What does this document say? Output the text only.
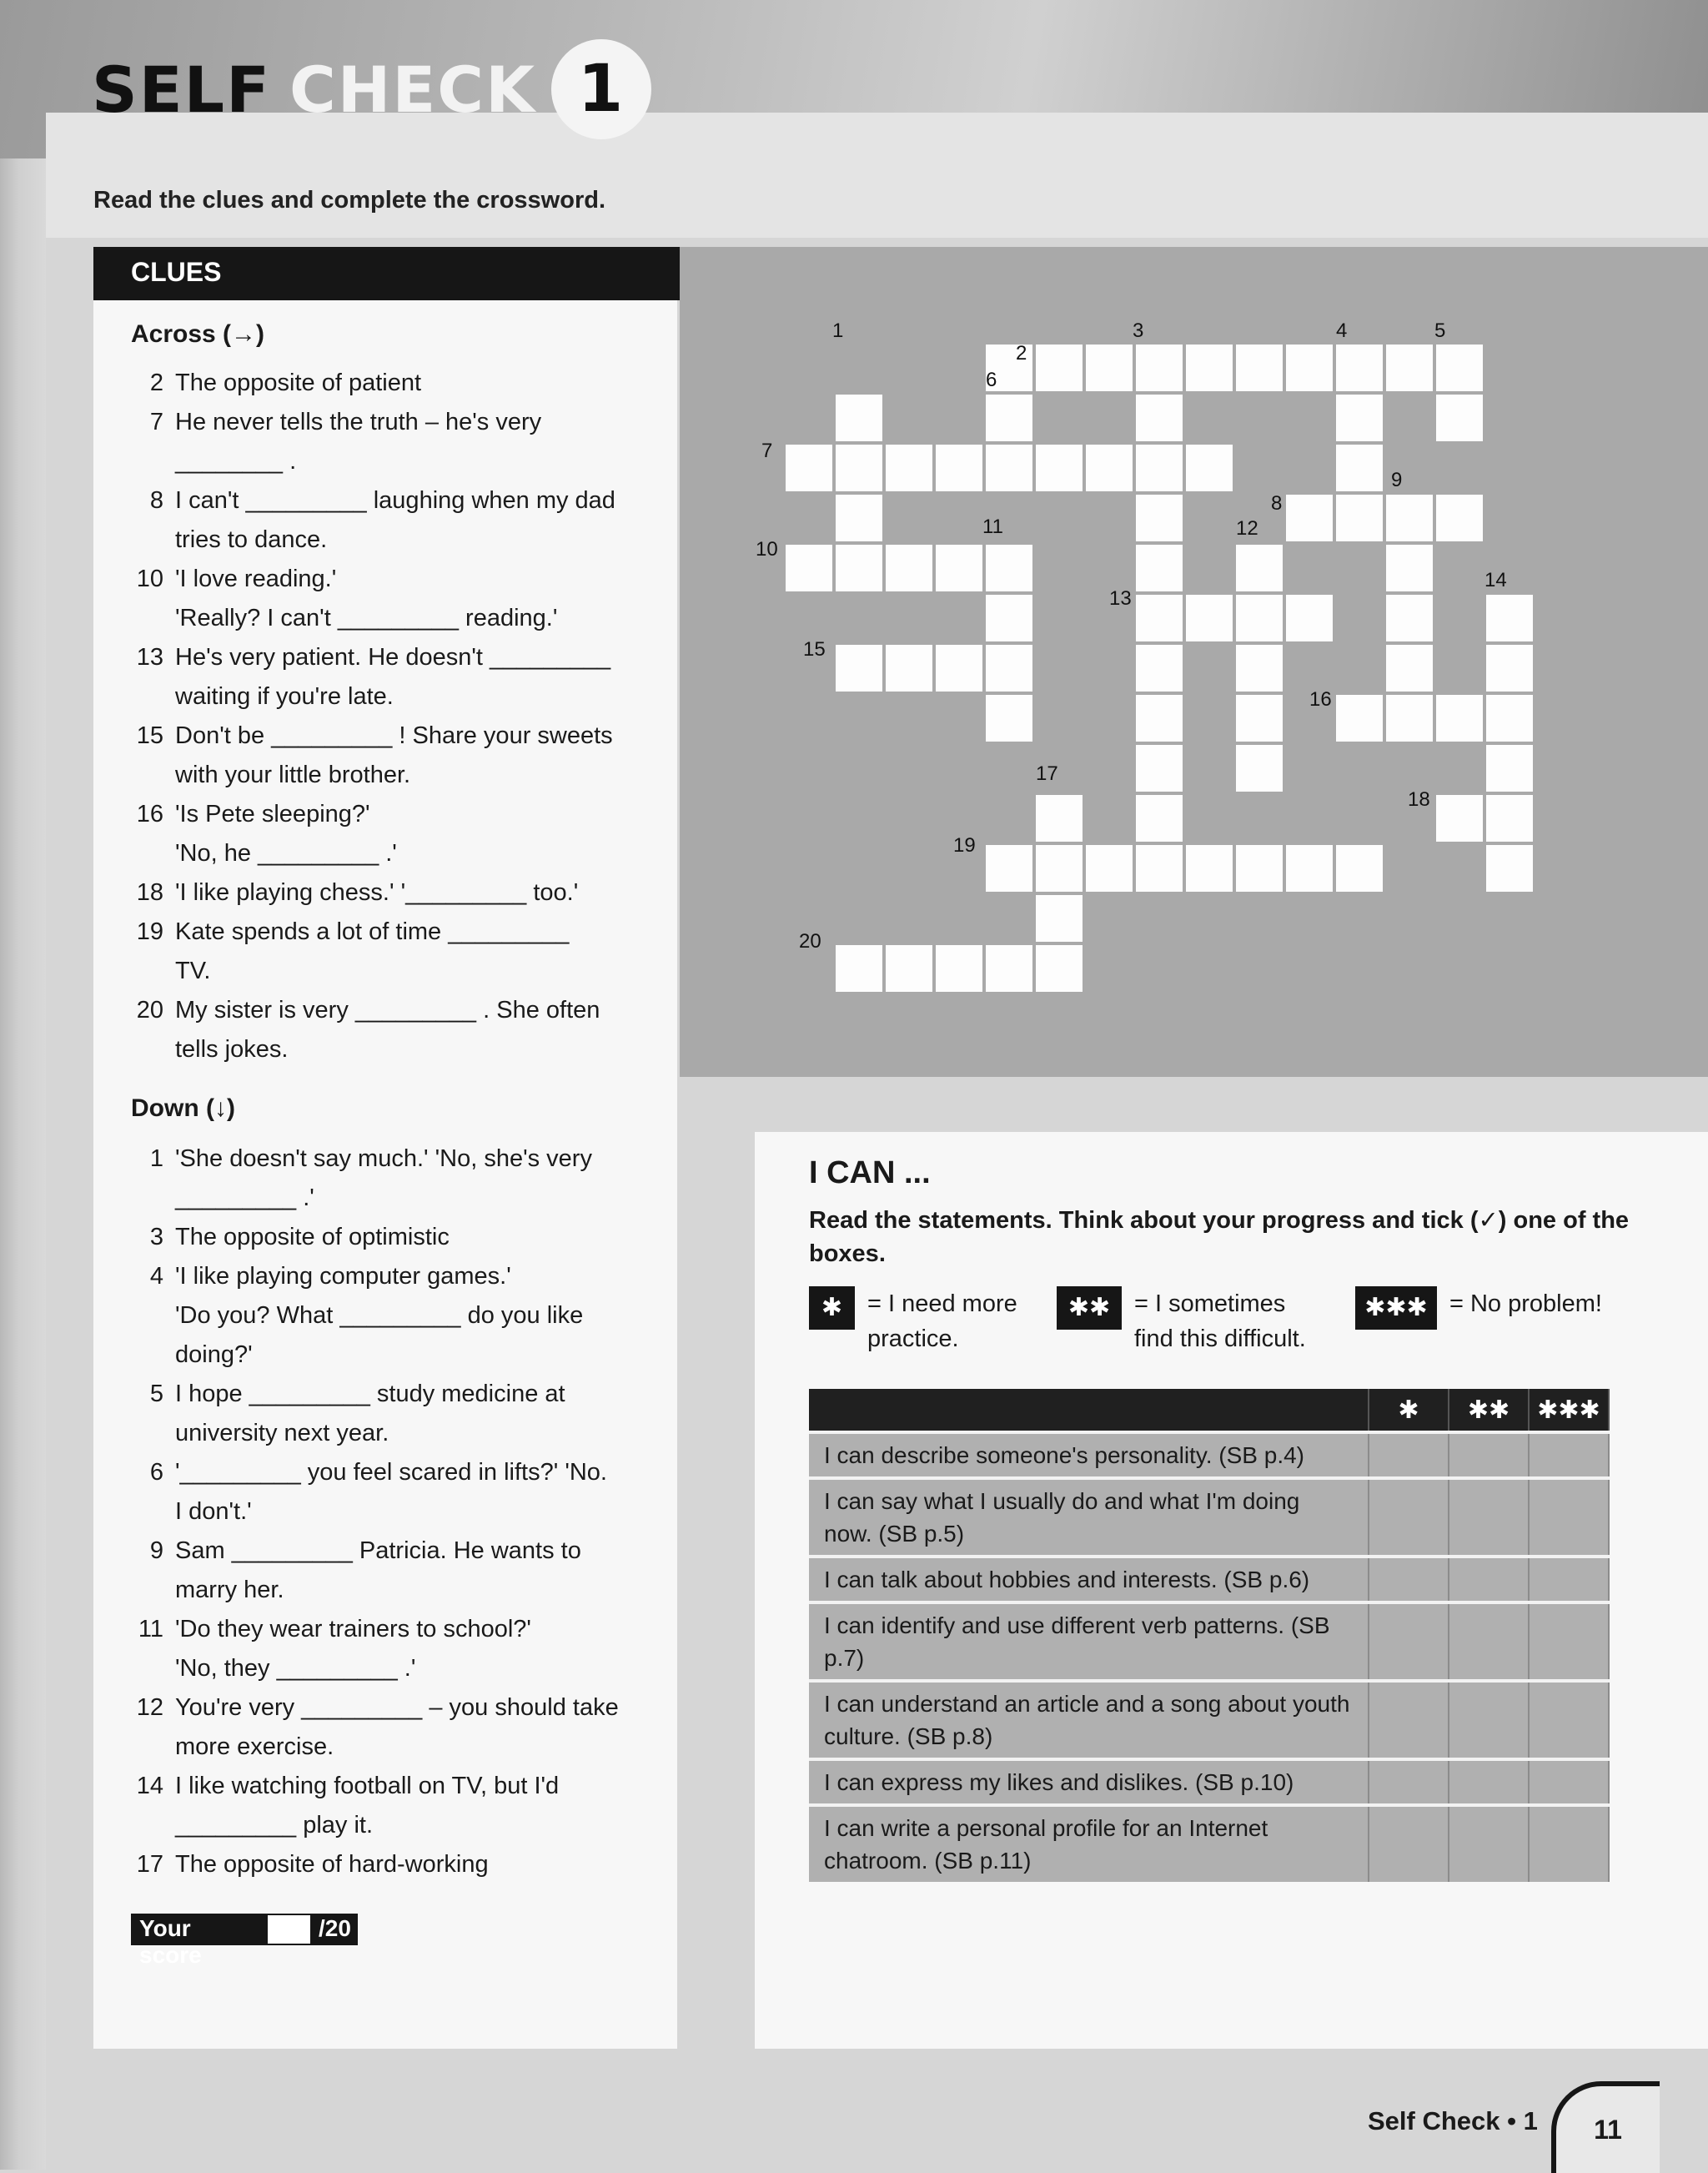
SELF CHECK 1
Read the clues and complete the crossword.
CLUES
Across (→)
2 The opposite of patient
7 He never tells the truth – he's very
________ .
8 I can't _________ laughing when my dad
tries to dance.
10 'I love reading.'
'Really? I can't _________ reading.'
13 He's very patient. He doesn't _________
waiting if you're late.
15 Don't be _________ ! Share your sweets
with your little brother.
16 'Is Pete sleeping?'
'No, he _________ .'
18 'I like playing chess.' '_________ too.'
19 Kate spends a lot of time _________
TV.
20 My sister is very _________ . She often
tells jokes.
Down (↓)
1 'She doesn't say much.' 'No, she's very
_________ .'
3 The opposite of optimistic
4 'I like playing computer games.'
'Do you? What _________ do you like
doing?'
5 I hope _________ study medicine at
university next year.
6 '_________ you feel scared in lifts?' 'No.
I don't.'
9 Sam _________ Patricia. He wants to
marry her.
11 'Do they wear trainers to school?'
'No, they _________ .'
12 You're very _________ – you should take
more exercise.
14 I like watching football on TV, but I'd
_________ play it.
17 The opposite of hard-working
Your score
/20
1
2
3	4	5
6
7
8
9
10
11	12
13
14
15
16
17
18
19
20
I CAN ...
Read the statements. Think about your progress and tick (✓) one of the boxes.
✱	= I need more
practice.
✱✱ = I sometimes
find this difficult.
✱✱✱ = No problem!
	✱	✱✱	✱✱✱
I can describe someone's personality. (SB p.4)			
I can say what I usually do and what I'm doing now. (SB p.5)			
I can talk about hobbies and interests. (SB p.6)			
I can identify and use different verb patterns. (SB p.7)			
I can understand an article and a song about youth culture. (SB p.8)			
I can express my likes and dislikes. (SB p.10)			
I can write a personal profile for an Internet chatroom. (SB p.11)			
Self Check • 1	11
